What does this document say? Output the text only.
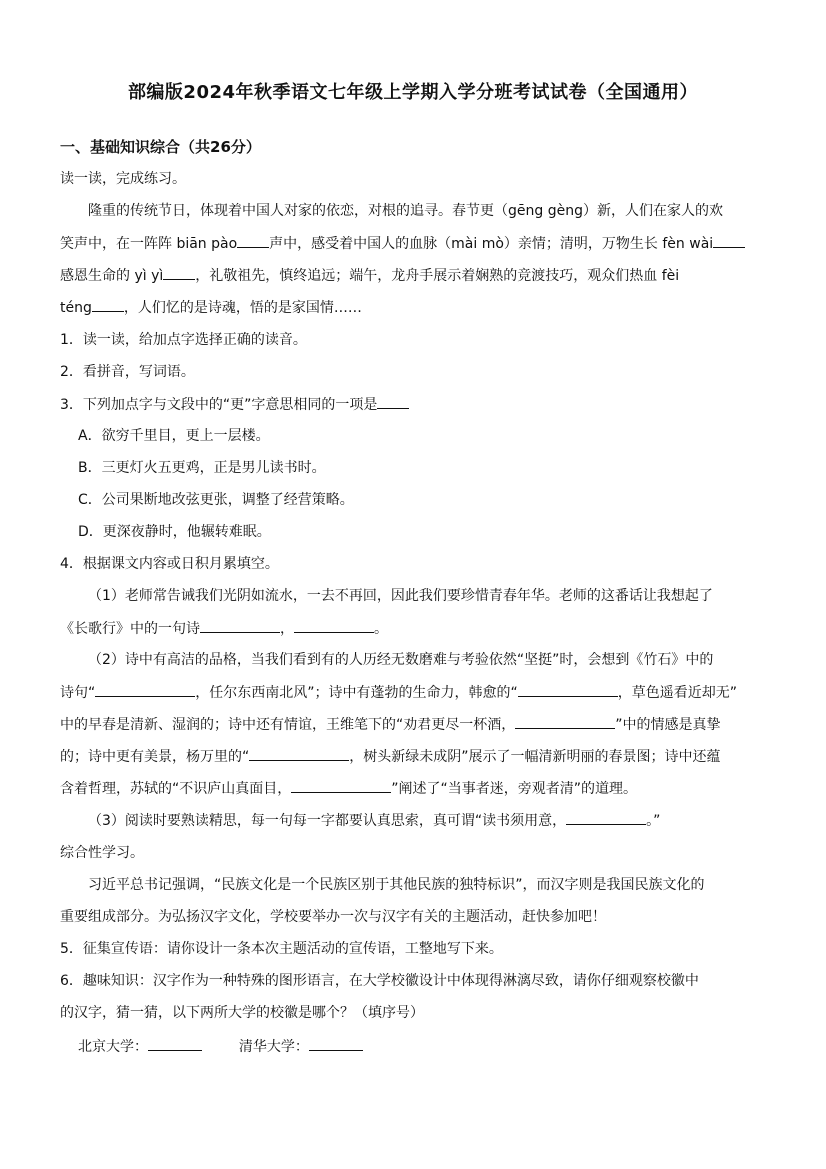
部编版2024年秋季语文七年级上学期入学分班考试试卷（全国通用）
一、基础知识综合（共26分）
读一读，完成练习。
隆重的传统节日，体现着中国人对家的依恋，对根的追寻。春节更（gēng gèng）新，人们在家人的欢
笑声中，在一阵阵 biān pào 声中，感受着中国人的血脉（mài mò）亲情；清明，万物生长 fèn wài
感恩生命的 yì yì ，礼敬祖先，慎终追远；端午，龙舟手展示着娴熟的竞渡技巧，观众们热血 fèi
téng ，人们忆的是诗魂，悟的是家国情……
1．读一读，给加点字选择正确的读音。
2．看拼音，写词语。
3．下列加点字与文段中的“更”字意思相同的一项是
A．欲穷千里目，更上一层楼。
B．三更灯火五更鸡，正是男儿读书时。
C．公司果断地改弦更张，调整了经营策略。
D．更深夜静时，他辗转难眠。
4．根据课文内容或日积月累填空。
（1）老师常告诫我们光阴如流水，一去不再回，因此我们要珍惜青春年华。老师的这番话让我想起了
《长歌行》中的一句诗	，	。
（2）诗中有高洁的品格，当我们看到有的人历经无数磨难与考验依然“坚挺”时，会想到《竹石》中的
诗句“	，任尔东西南北风”；诗中有蓬勃的生命力，韩愈的“	，草色遥看近却无”
中的早春是清新、湿润的；诗中还有情谊，王维笔下的“劝君更尽一杯酒，	”中的情感是真挚
的；诗中更有美景，杨万里的“	，树头新绿未成阴”展示了一幅清新明丽的春景图；诗中还蕴
含着哲理，苏轼的“不识庐山真面目，	”阐述了“当事者迷，旁观者清”的道理。
（3）阅读时要熟读精思，每一句每一字都要认真思索，真可谓“读书须用意，	。”
综合性学习。
习近平总书记强调，“民族文化是一个民族区别于其他民族的独特标识”，而汉字则是我国民族文化的
重要组成部分。为弘扬汉字文化，学校要举办一次与汉字有关的主题活动，赶快参加吧！
5．征集宣传语：请你设计一条本次主题活动的宣传语，工整地写下来。
6．趣味知识：汉字作为一种特殊的图形语言，在大学校徽设计中体现得淋漓尽致，请你仔细观察校徽中
的汉字，猜一猜，以下两所大学的校徽是哪个？（填序号）
北京大学：	清华大学：
